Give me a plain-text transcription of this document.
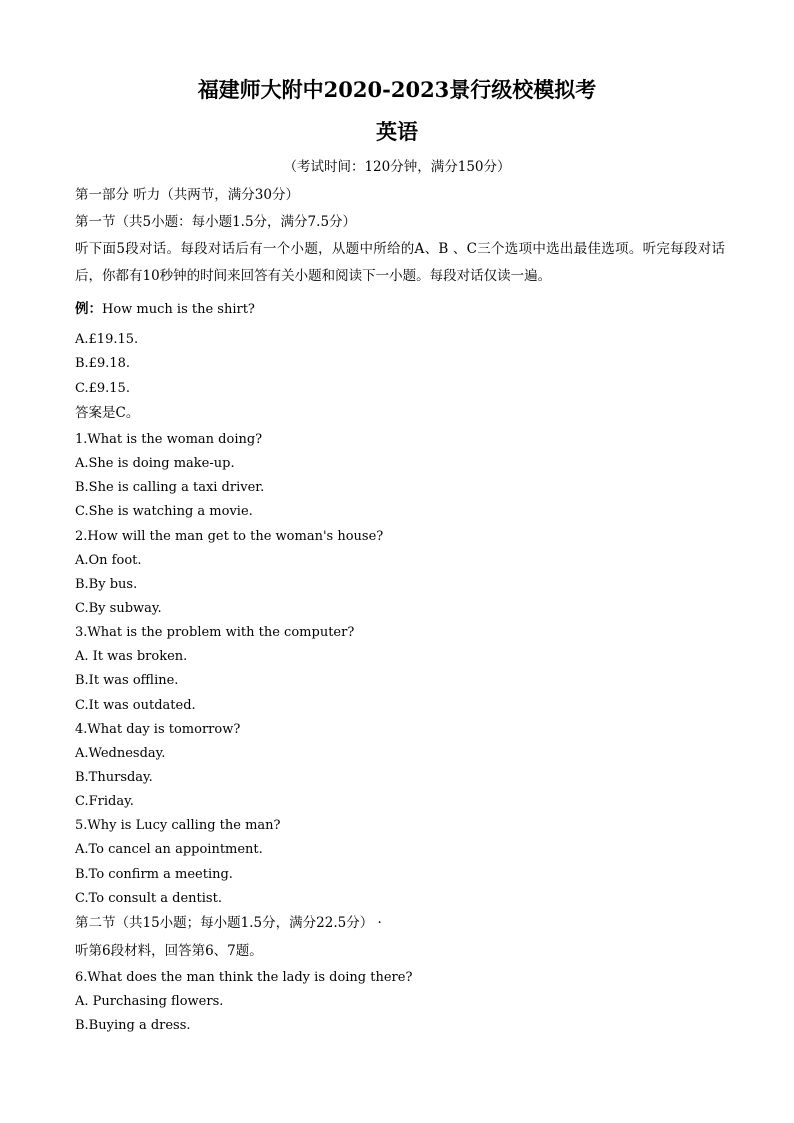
福建师大附中2020-2023景行级校模拟考
英语

（考试时间：120分钟，满分150分）

第一部分 听力（共两节，满分30分）

第一节（共5小题：每小题1.5分，满分7.5分）

听下面5段对话。每段对话后有一个小题，从题中所给的A、B 、C三个选项中选出最佳选项。听完每段对话后，你都有10秒钟的时间来回答有关小题和阅读下一小题。每段对话仅读一遍。

例：How much is the shirt?

A.£19.15.

B.£9.18.

C.£9.15.

答案是C。

1.What is the woman doing?

A.She is doing make-up.

B.She is calling a taxi driver.

C.She is watching a movie.

2.How will the man get to the woman's house?

A.On foot.

B.By bus.

C.By subway.

3.What is the problem with the computer?

A. It was broken.

B.It was offline.

C.It was outdated.

4.What day is tomorrow?

A.Wednesday.

B.Thursday.

C.Friday.

5.Why is Lucy calling the man?

A.To cancel an appointment.

B.To confirm a meeting.

C.To consult a dentist.

第二节（共15小题；每小题1.5分，满分22.5分） ·

听第6段材料，回答第6、7题。

6.What does the man think the lady is doing there?

A. Purchasing flowers.

B.Buying a dress.
